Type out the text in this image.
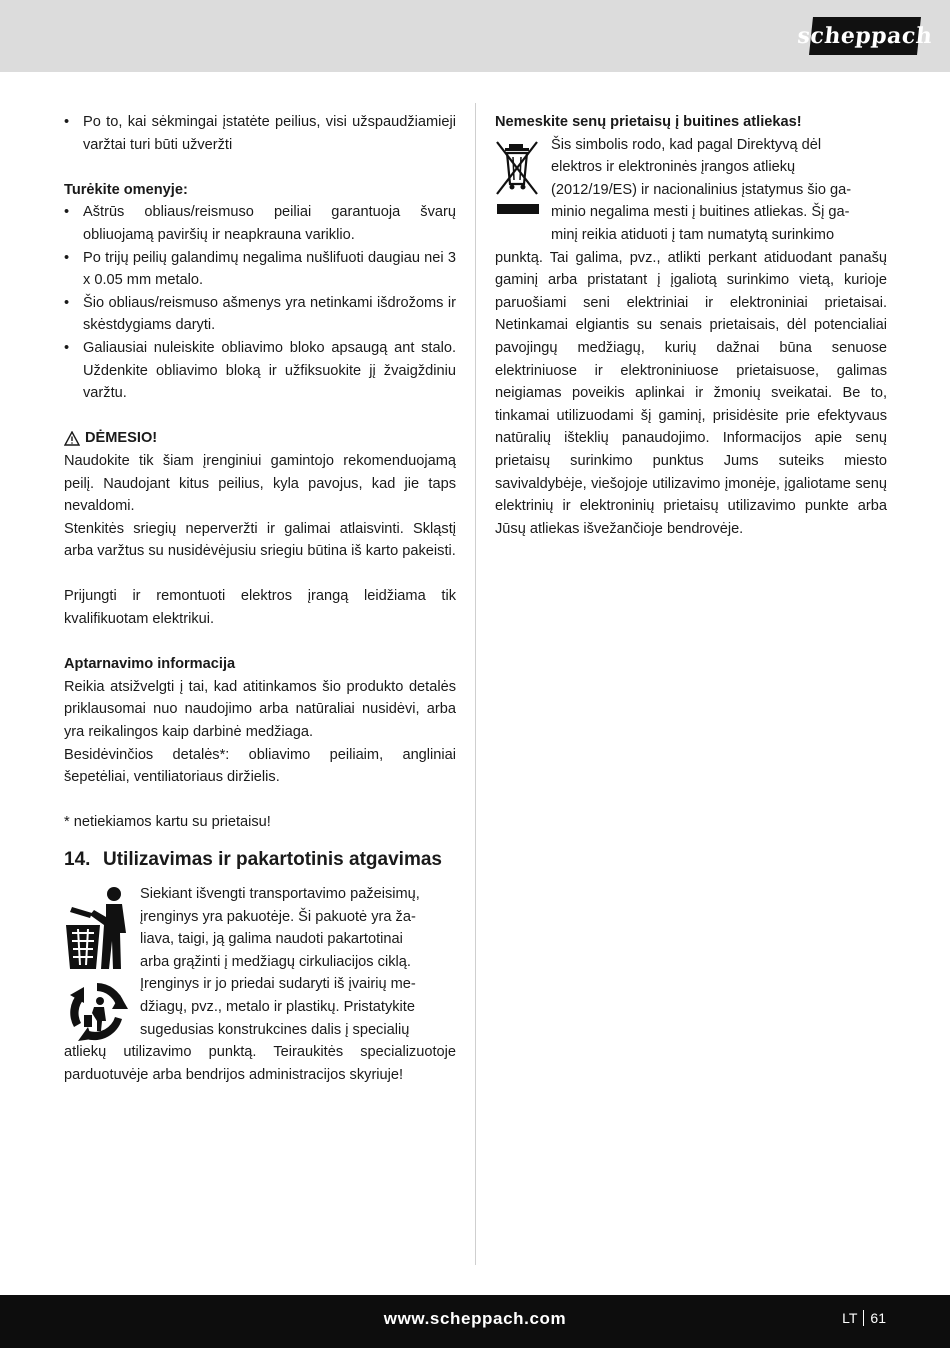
scheppach
• Po to, kai sėkmingai įstatėte peilius, visi užspaudžiamieji varžtai turi būti užveržti

Turėkite omenyje:

• Aštrūs obliaus/reismuso peiliai garantuoja švarų obliuojamą paviršių ir neapkrauna variklio.
• Po trijų peilių galandimų negalima nušlifuoti daugiau nei 3 x 0.05 mm metalo.
• Šio obliaus/reismuso ašmenys yra netinkami išdrožoms ir skėstdygiams daryti.
• Galiausiai nuleiskite obliavimo bloko apsaugą ant stalo. Uždenkite obliavimo bloką ir užfiksuokite jį žvaigždiniu varžtu.
DĖMESIO!

Naudokite tik šiam įrenginiui gamintojo rekomenduojamą peilį. Naudojant kitus peilius, kyla pavojus, kad jie taps nevaldomi.

Stenkitės sriegių neperveržti ir galimai atlaisvinti. Skląstį arba varžtus su nusidėvėjusiu sriegiu būtina iš karto pakeisti.

Prijungti ir remontuoti elektros įrangą leidžiama tik kvalifikuotam elektrikui.

Aptarnavimo informacija

Reikia atsižvelgti į tai, kad atitinkamos šio produkto detalės priklausomai nuo naudojimo arba natūraliai nusidėvi, arba yra reikalingos kaip darbinė medžiaga.

Besidėvinčios detalės*: obliavimo peiliaim, angliniai šepetėliai, ventiliatoriaus diržielis.

* netiekiamos kartu su prietaisu!

14. Utilizavimas ir pakartotinis atgavimas

Siekiant išvengti transportavimo pažeisimų,

įrenginys yra pakuotėje. Ši pakuotė yra ža-

liava, taigi, ją galima naudoti pakartotinai

arba grąžinti į medžiagų cirkuliacijos ciklą.

Įrenginys ir jo priedai sudaryti iš įvairių me-

džiagų, pvz., metalo ir plastikų. Pristatykite

sugedusias konstrukcines dalis į specialių

atliekų utilizavimo punktą. Teiraukitės specializuotoje parduotuvėje arba bendrijos administracijos skyriuje!

Nemeskite senų prietaisų į buitines atliekas!

Šis simbolis rodo, kad pagal Direktyvą dėl

elektros ir elektroninės įrangos atliekų

(2012/19/ES) ir nacionalinius įstatymus šio ga-

minio negalima mesti į buitines atliekas. Šį ga-

minį reikia atiduoti į tam numatytą surinkimo

punktą. Tai galima, pvz., atlikti perkant atiduodant panašų gaminį arba pristatant į įgaliotą surinkimo vietą, kurioje paruošiami seni elektriniai ir elektroniniai prietaisai. Netinkamai elgiantis su senais prietaisais, dėl potencialiai pavojingų medžiagų, kurių dažnai būna senuose elektriniuose ir elektroniniuose prietaisuose, galimas neigiamas poveikis aplinkai ir žmonių sveikatai. Be to, tinkamai utilizuodami šį gaminį, prisidėsite prie efektyvaus natūralių išteklių panaudojimo. Informacijos apie senų prietaisų surinkimo punktus Jums suteiks miesto savivaldybėje, viešojoje utilizavimo įmonėje, įgaliotame senų elektrinių ir elektroninių prietaisų utilizavimo punkte arba Jūsų atliekas išvežančioje bendrovėje.

www.scheppach.com	LT 61
